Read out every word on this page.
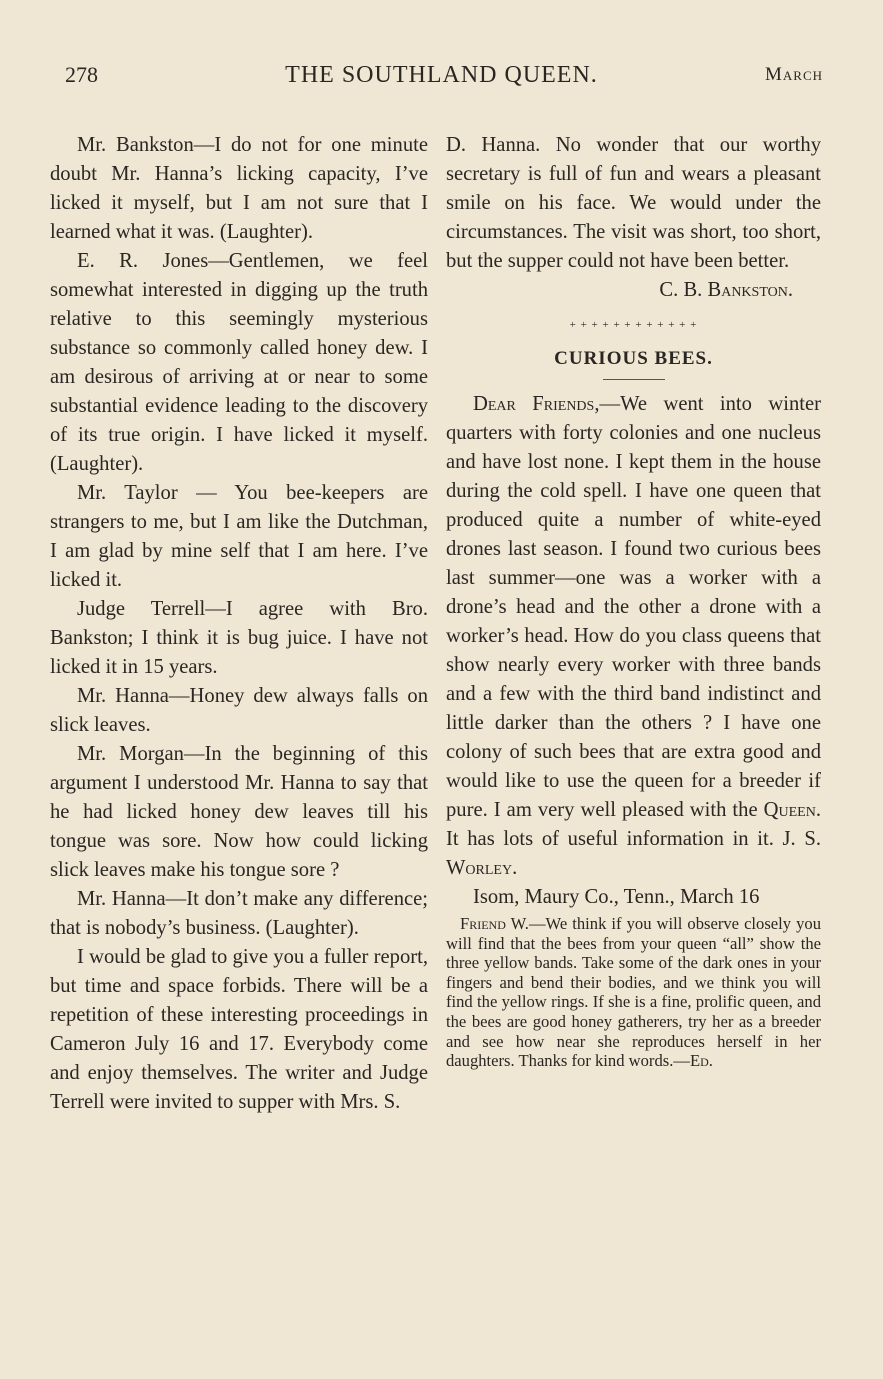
278	THE SOUTHLAND QUEEN.	March

Mr. Bankston—I do not for one minute doubt Mr. Hanna’s licking capacity, I’ve licked it myself, but I am not sure that I learned what it was. (Laughter).

E. R. Jones—Gentlemen, we feel somewhat interested in digging up the truth relative to this seemingly mysterious substance so commonly called honey dew. I am desirous of arriving at or near to some substantial evidence leading to the discovery of its true origin. I have licked it myself. (Laughter).

Mr. Taylor — You bee-keepers are strangers to me, but I am like the Dutchman, I am glad by mine self that I am here. I’ve licked it.

Judge Terrell—I agree with Bro. Bankston; I think it is bug juice. I have not licked it in 15 years.

Mr. Hanna—Honey dew always falls on slick leaves.

Mr. Morgan—In the beginning of this argument I understood Mr. Hanna to say that he had licked honey dew leaves till his tongue was sore. Now how could licking slick leaves make his tongue sore ?

Mr. Hanna—It don’t make any difference; that is nobody’s business. (Laughter).

I would be glad to give you a fuller report, but time and space forbids. There will be a repetition of these interesting proceedings in Cameron July 16 and 17. Everybody come and enjoy themselves. The writer and Judge Terrell were invited to supper with Mrs. S.

D. Hanna. No wonder that our worthy secretary is full of fun and wears a pleasant smile on his face. We would under the circumstances. The visit was short, too short, but the supper could not have been better.

C. B. Bankston.

+ + + + + + + + + + + +
CURIOUS BEES.

Dear Friends,—We went into winter quarters with forty colonies and one nucleus and have lost none. I kept them in the house during the cold spell. I have one queen that produced quite a number of white-eyed drones last season. I found two curious bees last summer—one was a worker with a drone’s head and the other a drone with a worker’s head. How do you class queens that show nearly every worker with three bands and a few with the third band indistinct and little darker than the others ? I have one colony of such bees that are extra good and would like to use the queen for a breeder if pure. I am very well pleased with the Queen. It has lots of useful information in it. J. S. Worley.

Isom, Maury Co., Tenn., March 16

Friend W.—We think if you will observe closely you will find that the bees from your queen “all” show the three yellow bands. Take some of the dark ones in your fingers and bend their bodies, and we think you will find the yellow rings. If she is a fine, prolific queen, and the bees are good honey gatherers, try her as a breeder and see how near she reproduces herself in her daughters. Thanks for kind words.—Ed.
